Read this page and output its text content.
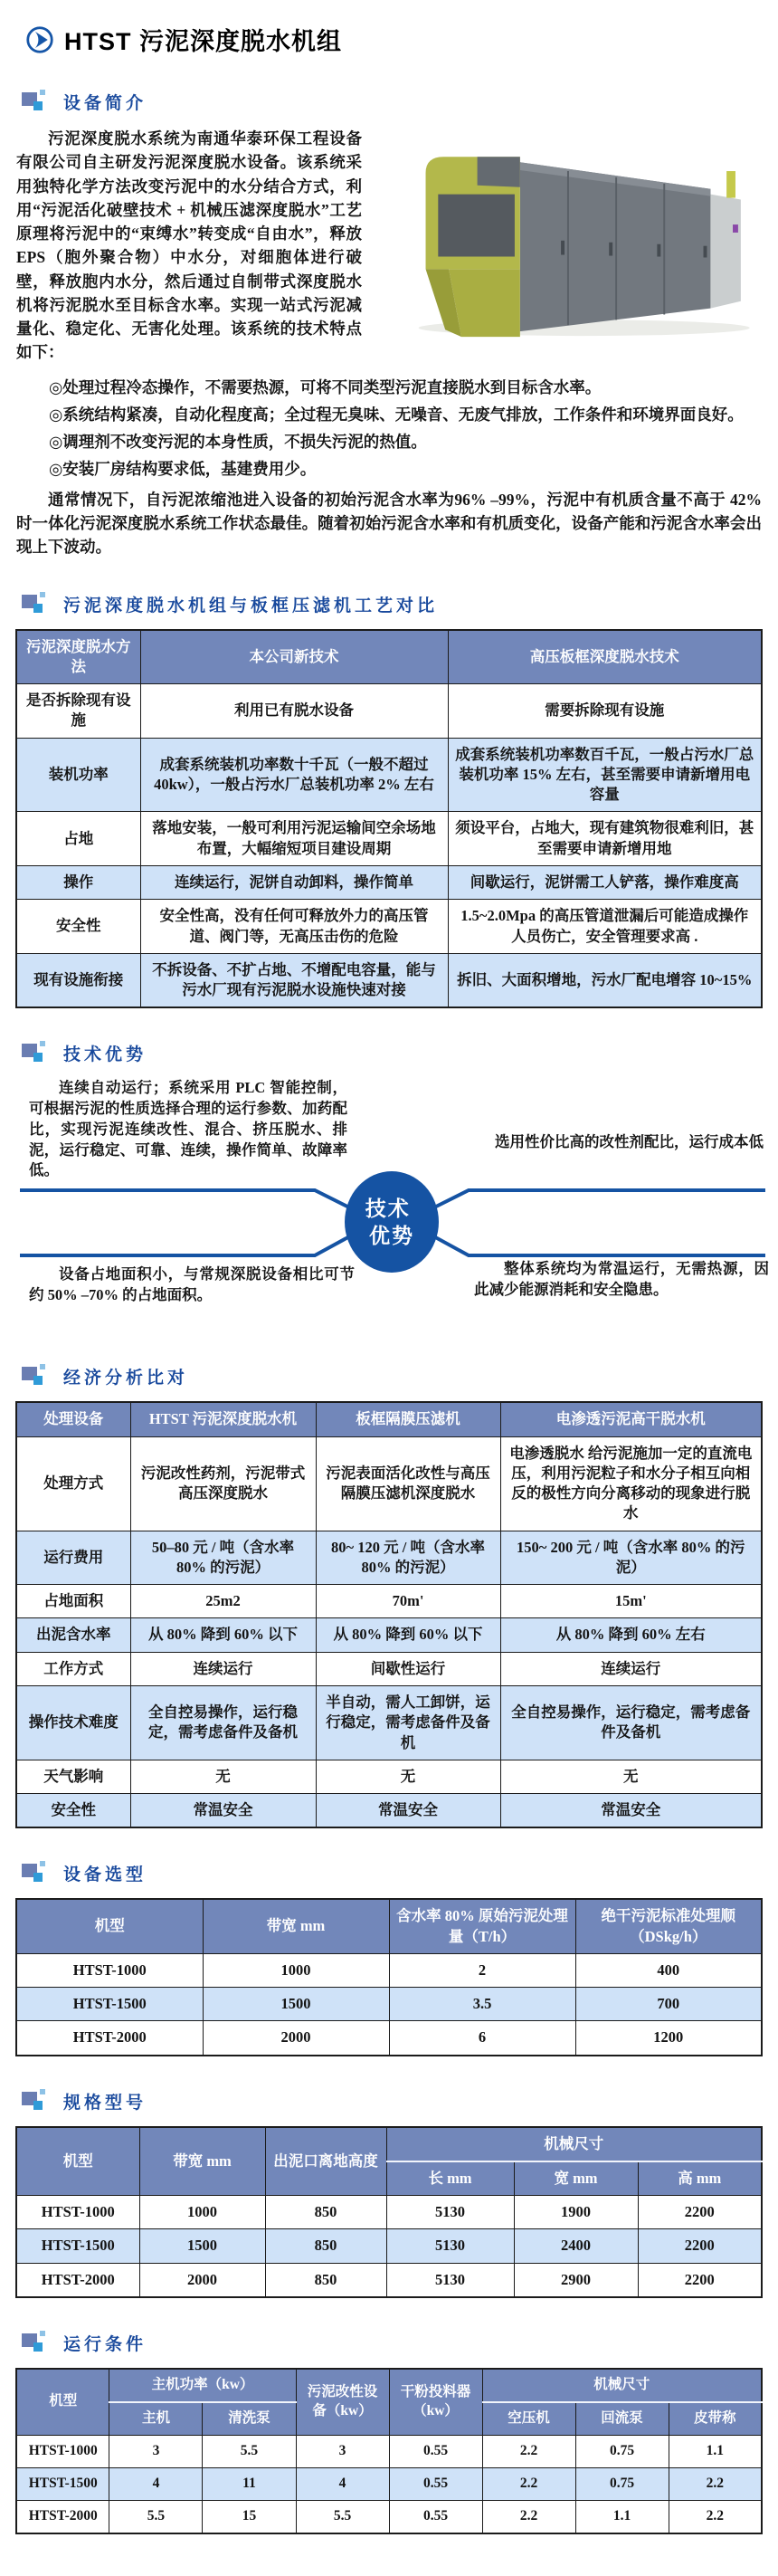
HTST 污泥深度脱水机组
设备简介

污泥深度脱水系统为南通华泰环保工程设备有限公司自主研发污泥深度脱水设备。该系统采用独特化学方法改变污泥中的水分结合方式，利用“污泥活化破壁技术 + 机械压滤深度脱水”工艺原理将污泥中的“束缚水”转变成“自由水”，释放 EPS（胞外聚合物）中水分，对细胞体进行破壁，释放胞内水分，然后通过自制带式深度脱水机将污泥脱水至目标含水率。实现一站式污泥减量化、稳定化、无害化处理。该系统的技术特点如下：

◎处理过程冷态操作，不需要热源，可将不同类型污泥直接脱水到目标含水率。
◎系统结构紧凑，自动化程度高；全过程无臭味、无噪音、无废气排放，工作条件和环境界面良好。
◎调理剂不改变污泥的本身性质，不损失污泥的热值。
◎安装厂房结构要求低，基建费用少。

通常情况下，自污泥浓缩池进入设备的初始污泥含水率为96% –99%，污泥中有机质含量不高于 42% 时一体化污泥深度脱水系统工作状态最佳。随着初始污泥含水率和有机质变化，设备产能和污泥含水率会出现上下波动。

污泥深度脱水机组与板框压滤机工艺对比
污泥深度脱水方法	本公司新技术	高压板框深度脱水技术
是否拆除现有设施	利用已有脱水设备	需要拆除现有设施
装机功率	成套系统装机功率数十千瓦（一般不超过 40kw），一般占污水厂总装机功率 2% 左右	成套系统装机功率数百千瓦，一般占污水厂总装机功率 15% 左右，甚至需要申请新增用电容量
占地	落地安装，一般可利用污泥运输间空余场地布置，大幅缩短项目建设周期	须设平台，占地大，现有建筑物很难利旧，甚至需要申请新增用地
操作	连续运行，泥饼自动卸料，操作简单	间歇运行，泥饼需工人铲落，操作难度高
安全性	安全性高，没有任何可释放外力的高压管道、阀门等，无高压击伤的危险	1.5~2.0Mpa 的高压管道泄漏后可能造成操作人员伤亡，安全管理要求高 .
现有设施衔接	不拆设备、不扩占地、不增配电容量，能与污水厂现有污泥脱水设施快速对接	拆旧、大面积增地，污水厂配电增容 10~15%
技术优势
技术 优势
连续自动运行；系统采用 PLC 智能控制，可根据污泥的性质选择合理的运行参数、加药配比，实现污泥连续改性、混合、挤压脱水、排泥，运行稳定、可靠、连续，操作简单、故障率低。
选用性价比高的改性剂配比，运行成本低
设备占地面积小，与常规深脱设备相比可节约 50% –70% 的占地面积。
整体系统均为常温运行，无需热源，因此减少能源消耗和安全隐患。
经济分析比对
处理设备	HTST 污泥深度脱水机	板框隔膜压滤机	电渗透污泥高干脱水机
处理方式	污泥改性药剂，污泥带式高压深度脱水	污泥表面活化改性与高压隔膜压滤机深度脱水	电渗透脱水 给污泥施加一定的直流电压，利用污泥粒子和水分子相互向相反的极性方向分离移动的现象进行脱水
运行费用	50–80 元 / 吨（含水率 80% 的污泥）	80~ 120 元 / 吨（含水率 80% 的污泥）	150~ 200 元 / 吨（含水率 80% 的污泥）
占地面积	25m2	70m'	15m'
出泥含水率	从 80% 降到 60% 以下	从 80% 降到 60% 以下	从 80% 降到 60% 左右
工作方式	连续运行	间歇性运行	连续运行
操作技术难度	全自控易操作，运行稳定，需考虑备件及备机	半自动，需人工卸饼，运行稳定，需考虑备件及备机	全自控易操作，运行稳定，需考虑备件及备机
天气影响	无	无	无
安全性	常温安全	常温安全	常温安全
设备选型
机型	带宽 mm	含水率 80% 原始污泥处理量（T/h）	绝干污泥标准处理顺（DSkg/h）
HTST-1000	1000	2	400
HTST-1500	1500	3.5	700
HTST-2000	2000	6	1200
规格型号
机型	带宽 mm	出泥口离地高度	机械尺寸		
			长 mm	宽 mm	高 mm
HTST-1000	1000	850	5130	1900	2200
HTST-1500	1500	850	5130	2400	2200
HTST-2000	2000	850	5130	2900	2200
运行条件
机型	主机功率（kw）		污泥改性设备（kw）	干粉投料器（kw）	机械尺寸		
	主机	清洗泵			空压机	回流泵	皮带称
HTST-1000	3	5.5	3	0.55	2.2	0.75	1.1
HTST-1500	4	11	4	0.55	2.2	0.75	2.2
HTST-2000	5.5	15	5.5	0.55	2.2	1.1	2.2
